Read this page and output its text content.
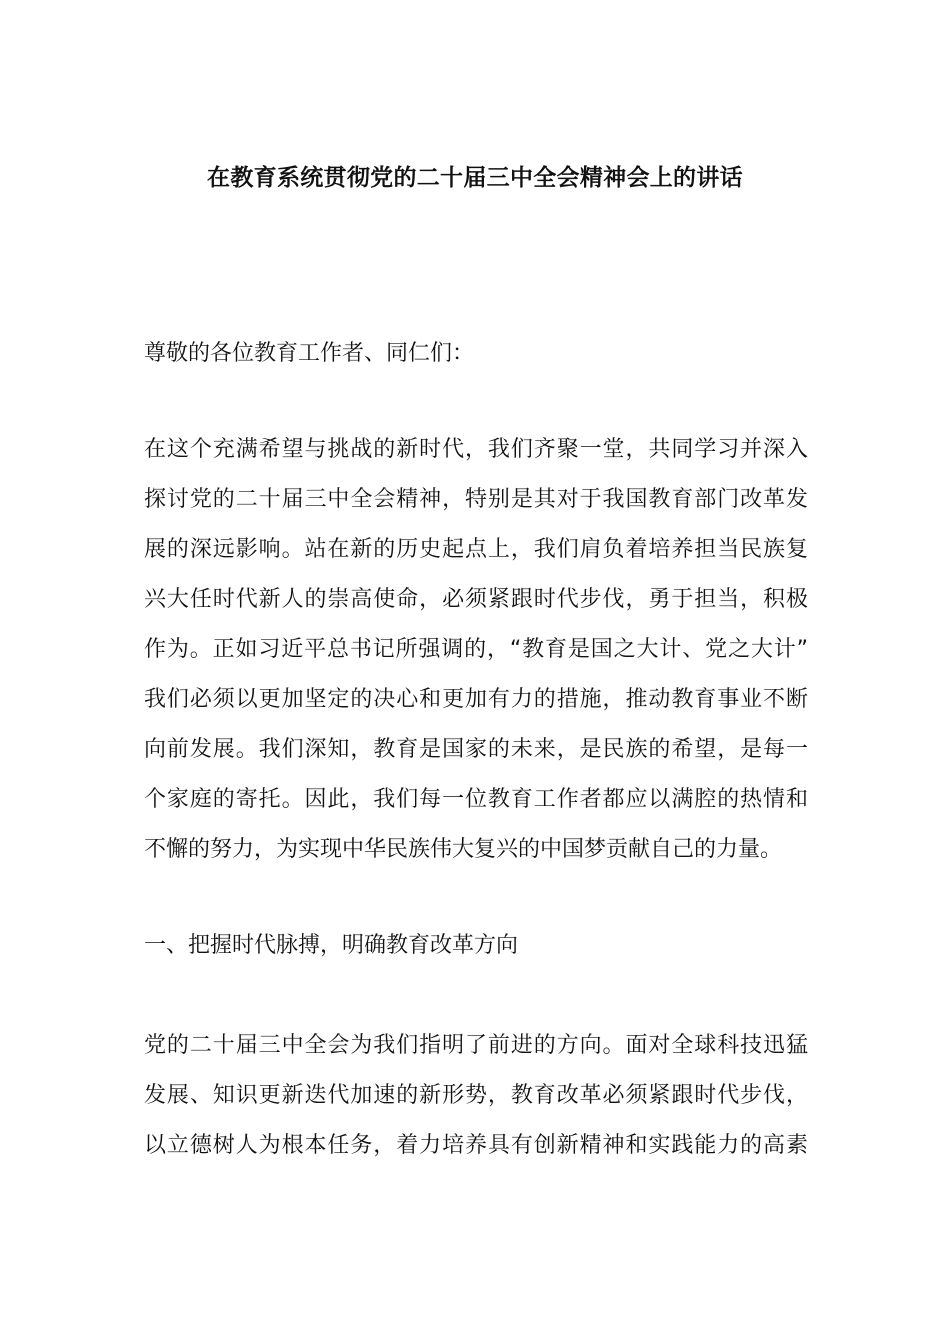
在教育系统贯彻党的二十届三中全会精神会上的讲话
尊敬的各位教育工作者、同仁们：
在这个充满希望与挑战的新时代，我们齐聚一堂，共同学习并深入
探讨党的二十届三中全会精神，特别是其对于我国教育部门改革发
展的深远影响。站在新的历史起点上，我们肩负着培养担当民族复
兴大任时代新人的崇高使命，必须紧跟时代步伐，勇于担当，积极
作为。正如习近平总书记所强调的，“教育是国之大计、党之大计”
我们必须以更加坚定的决心和更加有力的措施，推动教育事业不断
向前发展。我们深知，教育是国家的未来，是民族的希望，是每一
个家庭的寄托。因此，我们每一位教育工作者都应以满腔的热情和
不懈的努力，为实现中华民族伟大复兴的中国梦贡献自己的力量。
一、把握时代脉搏，明确教育改革方向
党的二十届三中全会为我们指明了前进的方向。面对全球科技迅猛
发展、知识更新迭代加速的新形势，教育改革必须紧跟时代步伐，
以立德树人为根本任务，着力培养具有创新精神和实践能力的高素
